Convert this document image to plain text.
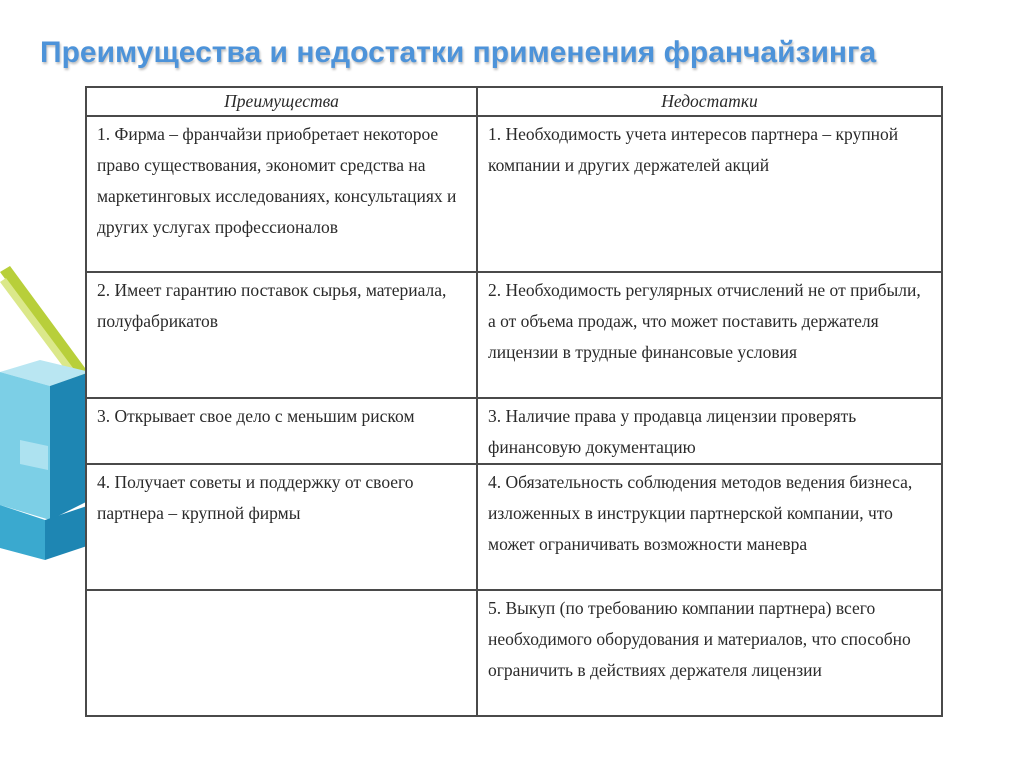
Преимущества и недостатки применения франчайзинга
Преимущества	Недостатки
1. Фирма – франчайзи приобретает некоторое право существования, экономит средства на маркетинговых исследованиях, консультациях и других услугах профессионалов	1. Необходимость учета интересов партнера – крупной компании и других держателей акций
2. Имеет гарантию поставок сырья, материала, полуфабрикатов	2. Необходимость регулярных отчислений не от прибыли, а от объема продаж, что может поставить держателя лицензии в трудные финансовые условия
3. Открывает свое дело с меньшим риском	3. Наличие права у продавца лицензии проверять финансовую документацию
4. Получает советы и поддержку от своего партнера – крупной фирмы	4. Обязательность соблюдения методов ведения бизнеса, изложенных в инструкции партнерской компании, что может ограничивать возможности маневра
	5. Выкуп (по требованию компании партнера) всего необходимого оборудования и материалов, что способно ограничить в действиях держателя лицензии
